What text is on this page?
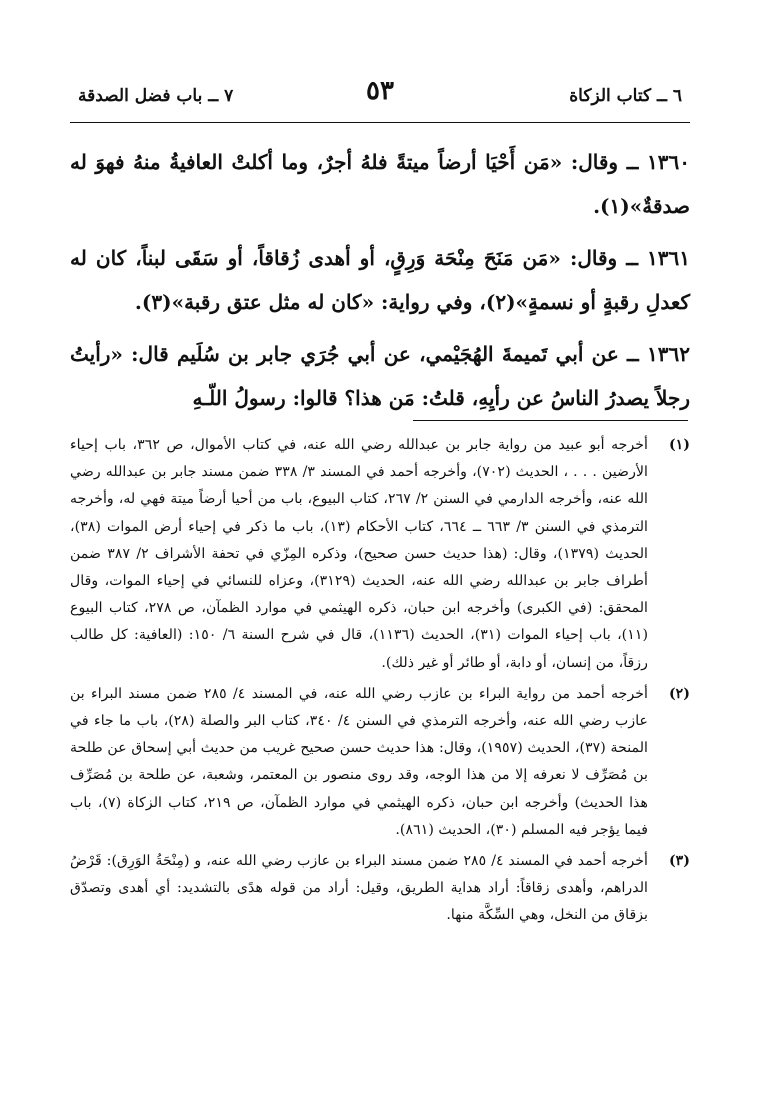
٦ ــ كتاب الزكاة
٥٣
٧ ــ باب فضل الصدقة

١٣٦٠ ــ وقال: «مَن أَحْيَا أرضاً ميتةً فلهُ أجرٌ، وما أكلتْ العافيةُ منهُ فهوَ له صدقةٌ»(١).

١٣٦١ ــ وقال: «مَن مَنَحَ مِنْحَة وَرِقٍ، أو أهدى زُقاقاً، أو سَقَى لبناً، كان له كعدلِ رقبةٍ أو نسمةٍ»(٢)، وفي رواية: «كان له مثل عتق رقبة»(٣).

١٣٦٢ ــ عن أبي تَميمةَ الهُجَيْمي، عن أبي جُرَي جابر بن سُلَيم قال: «رأيتُ رجلاً يصدرُ الناسُ عن رأيِهِ، قلتُ: مَن هذا؟ قالوا: رسولُ اللّـهِ

(١)
أخرجه أبو عبيد من رواية جابر بن عبدالله رضي الله عنه، في كتاب الأموال، ص ٣٦٢، باب إحياء الأرضين . . . ، الحديث (٧٠٢)، وأخرجه أحمد في المسند ٣/ ٣٣٨ ضمن مسند جابر بن عبدالله رضي الله عنه، وأخرجه الدارمي في السنن ٢/ ٢٦٧، كتاب البيوع، باب من أحيا أرضاً ميتة فهي له، وأخرجه الترمذي في السنن ٣/ ٦٦٣ ــ ٦٦٤، كتاب الأحكام (١٣)، باب ما ذكر في إحياء أرض الموات (٣٨)، الحديث (١٣٧٩)، وقال: (هذا حديث حسن صحيح)، وذكره المِزّي في تحفة الأشراف ٢/ ٣٨٧ ضمن أطراف جابر بن عبدالله رضي الله عنه، الحديث (٣١٢٩)، وعزاه للنسائي في إحياء الموات، وقال المحقق: (في الكبرى) وأخرجه ابن حبان، ذكره الهيثمي في موارد الظمآن، ص ٢٧٨، كتاب البيوع (١١)، باب إحياء الموات (٣١)، الحديث (١١٣٦)، قال في شرح السنة ٦/ ١٥٠: (العافية: كل طالب رزقاً، من إنسان، أو دابة، أو طائر أو غير ذلك).
(٢)
أخرجه أحمد من رواية البراء بن عازب رضي الله عنه، في المسند ٤/ ٢٨٥ ضمن مسند البراء بن عازب رضي الله عنه، وأخرجه الترمذي في السنن ٤/ ٣٤٠، كتاب البر والصلة (٢٨)، باب ما جاء في المنحة (٣٧)، الحديث (١٩٥٧)، وقال: هذا حديث حسن صحيح غريب من حديث أبي إسحاق عن طلحة بن مُصَرِّف لا نعرفه إلا من هذا الوجه، وقد روى منصور بن المعتمر، وشعبة، عن طلحة بن مُصَرِّف هذا الحديث) وأخرجه ابن حبان، ذكره الهيثمي في موارد الظمآن، ص ٢١٩، كتاب الزكاة (٧)، باب فيما يؤجر فيه المسلم (٣٠)، الحديث (٨٦١).
(٣)
أخرجه أحمد في المسند ٤/ ٢٨٥ ضمن مسند البراء بن عازب رضي الله عنه، و (مِنْحَةُ الوَرِق): قَرْضُ الدراهم، وأهدى زقاقاً: أراد هداية الطريق، وقيل: أراد من قوله هدًى بالتشديد: أي أهدى وتصدّق بزقاق من النخل، وهي السِّكَّة منها.
